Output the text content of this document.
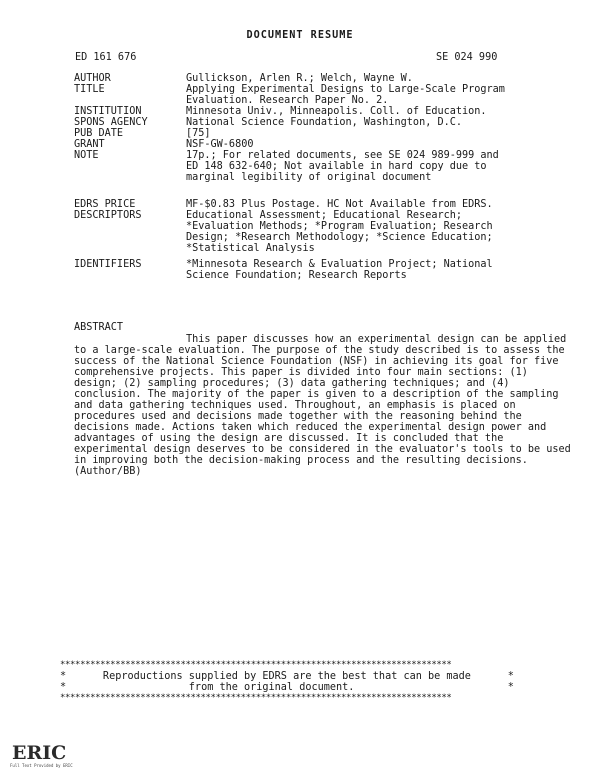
DOCUMENT RESUME
ED 161 676	SE 024 990
AUTHOR	Gullickson, Arlen R.; Welch, Wayne W.
TITLE	Applying Experimental Designs to Large-Scale Program
Evaluation. Research Paper No. 2.
INSTITUTION	Minnesota Univ., Minneapolis. Coll. of Education.
SPONS AGENCY	National Science Foundation, Washington, D.C.
PUB DATE	[75]
GRANT	NSF-GW-6800
NOTE	17p.; For related documents, see SE 024 989-999 and
ED 148 632-640; Not available in hard copy due to
marginal legibility of original document
EDRS PRICE	MF-$0.83 Plus Postage. HC Not Available from EDRS.
DESCRIPTORS	Educational Assessment; Educational Research;
*Evaluation Methods; *Program Evaluation; Research
Design; *Research Methodology; *Science Education;
*Statistical Analysis
IDENTIFIERS	*Minnesota Research & Evaluation Project; National
Science Foundation; Research Reports
ABSTRACT
This paper discusses how an experimental design can be applied to a large-scale evaluation. The purpose of the study described is to assess the success of the National Science Foundation (NSF) in achieving its goal for five comprehensive projects. This paper is divided into four main sections: (1) design; (2) sampling procedures; (3) data gathering techniques; and (4) conclusion. The majority of the paper is given to a description of the sampling and data gathering techniques used. Throughout, an emphasis is placed on procedures used and decisions made together with the reasoning behind the decisions made. Actions taken which reduced the experimental design power and advantages of using the design are discussed. It is concluded that the experimental design deserves to be considered in the evaluator's tools to be used in improving both the decision-making process and the resulting decisions. (Author/BB)
******************************************************************************
*      Reproductions supplied by EDRS are the best that can be made      *
*                    from the original document.                         *
******************************************************************************
ERIC
Full Text Provided by ERIC
